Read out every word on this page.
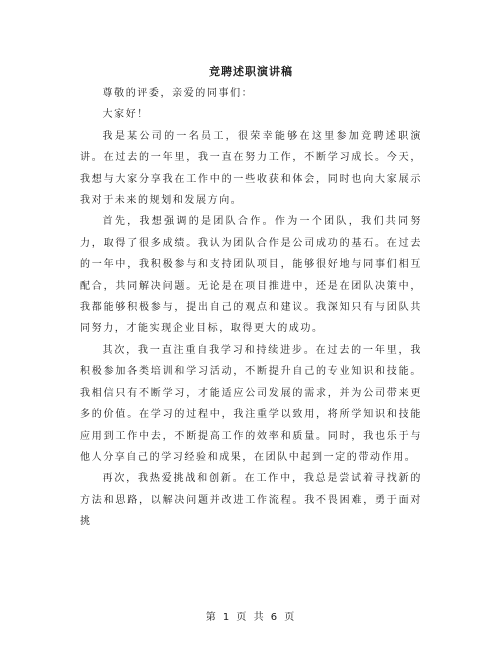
竞聘述职演讲稿

尊敬的评委，亲爱的同事们：

大家好！

我是某公司的一名员工，很荣幸能够在这里参加竞聘述职演讲。在过去的一年里，我一直在努力工作，不断学习成长。今天，我想与大家分享我在工作中的一些收获和体会，同时也向大家展示我对于未来的规划和发展方向。

首先，我想强调的是团队合作。作为一个团队，我们共同努力，取得了很多成绩。我认为团队合作是公司成功的基石。在过去的一年中，我积极参与和支持团队项目，能够很好地与同事们相互配合，共同解决问题。无论是在项目推进中，还是在团队决策中，我都能够积极参与，提出自己的观点和建议。我深知只有与团队共同努力，才能实现企业目标，取得更大的成功。

其次，我一直注重自我学习和持续进步。在过去的一年里，我积极参加各类培训和学习活动，不断提升自己的专业知识和技能。我相信只有不断学习，才能适应公司发展的需求，并为公司带来更多的价值。在学习的过程中，我注重学以致用，将所学知识和技能应用到工作中去，不断提高工作的效率和质量。同时，我也乐于与他人分享自己的学习经验和成果，在团队中起到一定的带动作用。

再次，我热爱挑战和创新。在工作中，我总是尝试着寻找新的方法和思路，以解决问题并改进工作流程。我不畏困难，勇于面对挑

第 1 页 共 6 页
